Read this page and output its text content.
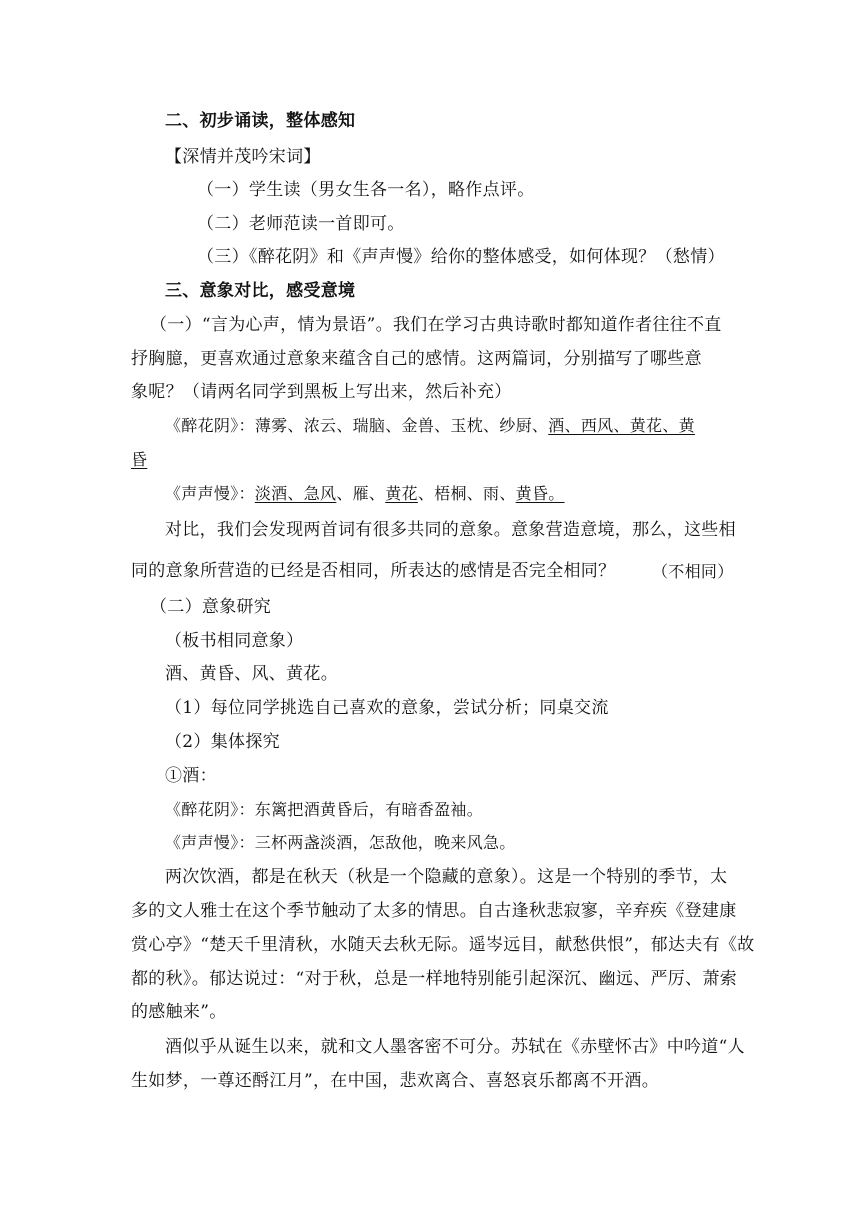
二、初步诵读，整体感知
【深情并茂吟宋词】
（一）学生读（男女生各一名），略作点评。
（二）老师范读一首即可。
（三）《醉花阴》和《声声慢》给你的整体感受，如何体现？（愁情）
三、意象对比，感受意境
（一）“言为心声，情为景语”。我们在学习古典诗歌时都知道作者往往不直
抒胸臆，更喜欢通过意象来蕴含自己的感情。这两篇词，分别描写了哪些意
象呢？（请两名同学到黑板上写出来，然后补充）
《醉花阴》：薄雾、浓云、瑞脑、金兽、玉枕、纱厨、酒、西风、黄花、黄
昏
《声声慢》：淡酒、急风、雁、黄花、梧桐、雨、黄昏。
对比，我们会发现两首词有很多共同的意象。意象营造意境，那么，这些相
同的意象所营造的已经是否相同，所表达的感情是否完全相同？ （不相同）
（二）意象研究
（板书相同意象）
酒、黄昏、风、黄花。
（1）每位同学挑选自己喜欢的意象，尝试分析；同桌交流
（2）集体探究
①酒：
《醉花阴》：东篱把酒黄昏后，有暗香盈袖。
《声声慢》：三杯两盏淡酒，怎敌他，晚来风急。
两次饮酒，都是在秋天（秋是一个隐藏的意象）。这是一个特别的季节，太
多的文人雅士在这个季节触动了太多的情思。自古逢秋悲寂寥，辛弃疾《登建康
赏心亭》“楚天千里清秋，水随天去秋无际。遥岑远目，献愁供恨”，郁达夫有《故
都的秋》。郁达说过：“对于秋，总是一样地特别能引起深沉、幽远、严厉、萧索
的感触来”。
酒似乎从诞生以来，就和文人墨客密不可分。苏轼在《赤壁怀古》中吟道“人
生如梦，一尊还酹江月”，在中国，悲欢离合、喜怒哀乐都离不开酒。
